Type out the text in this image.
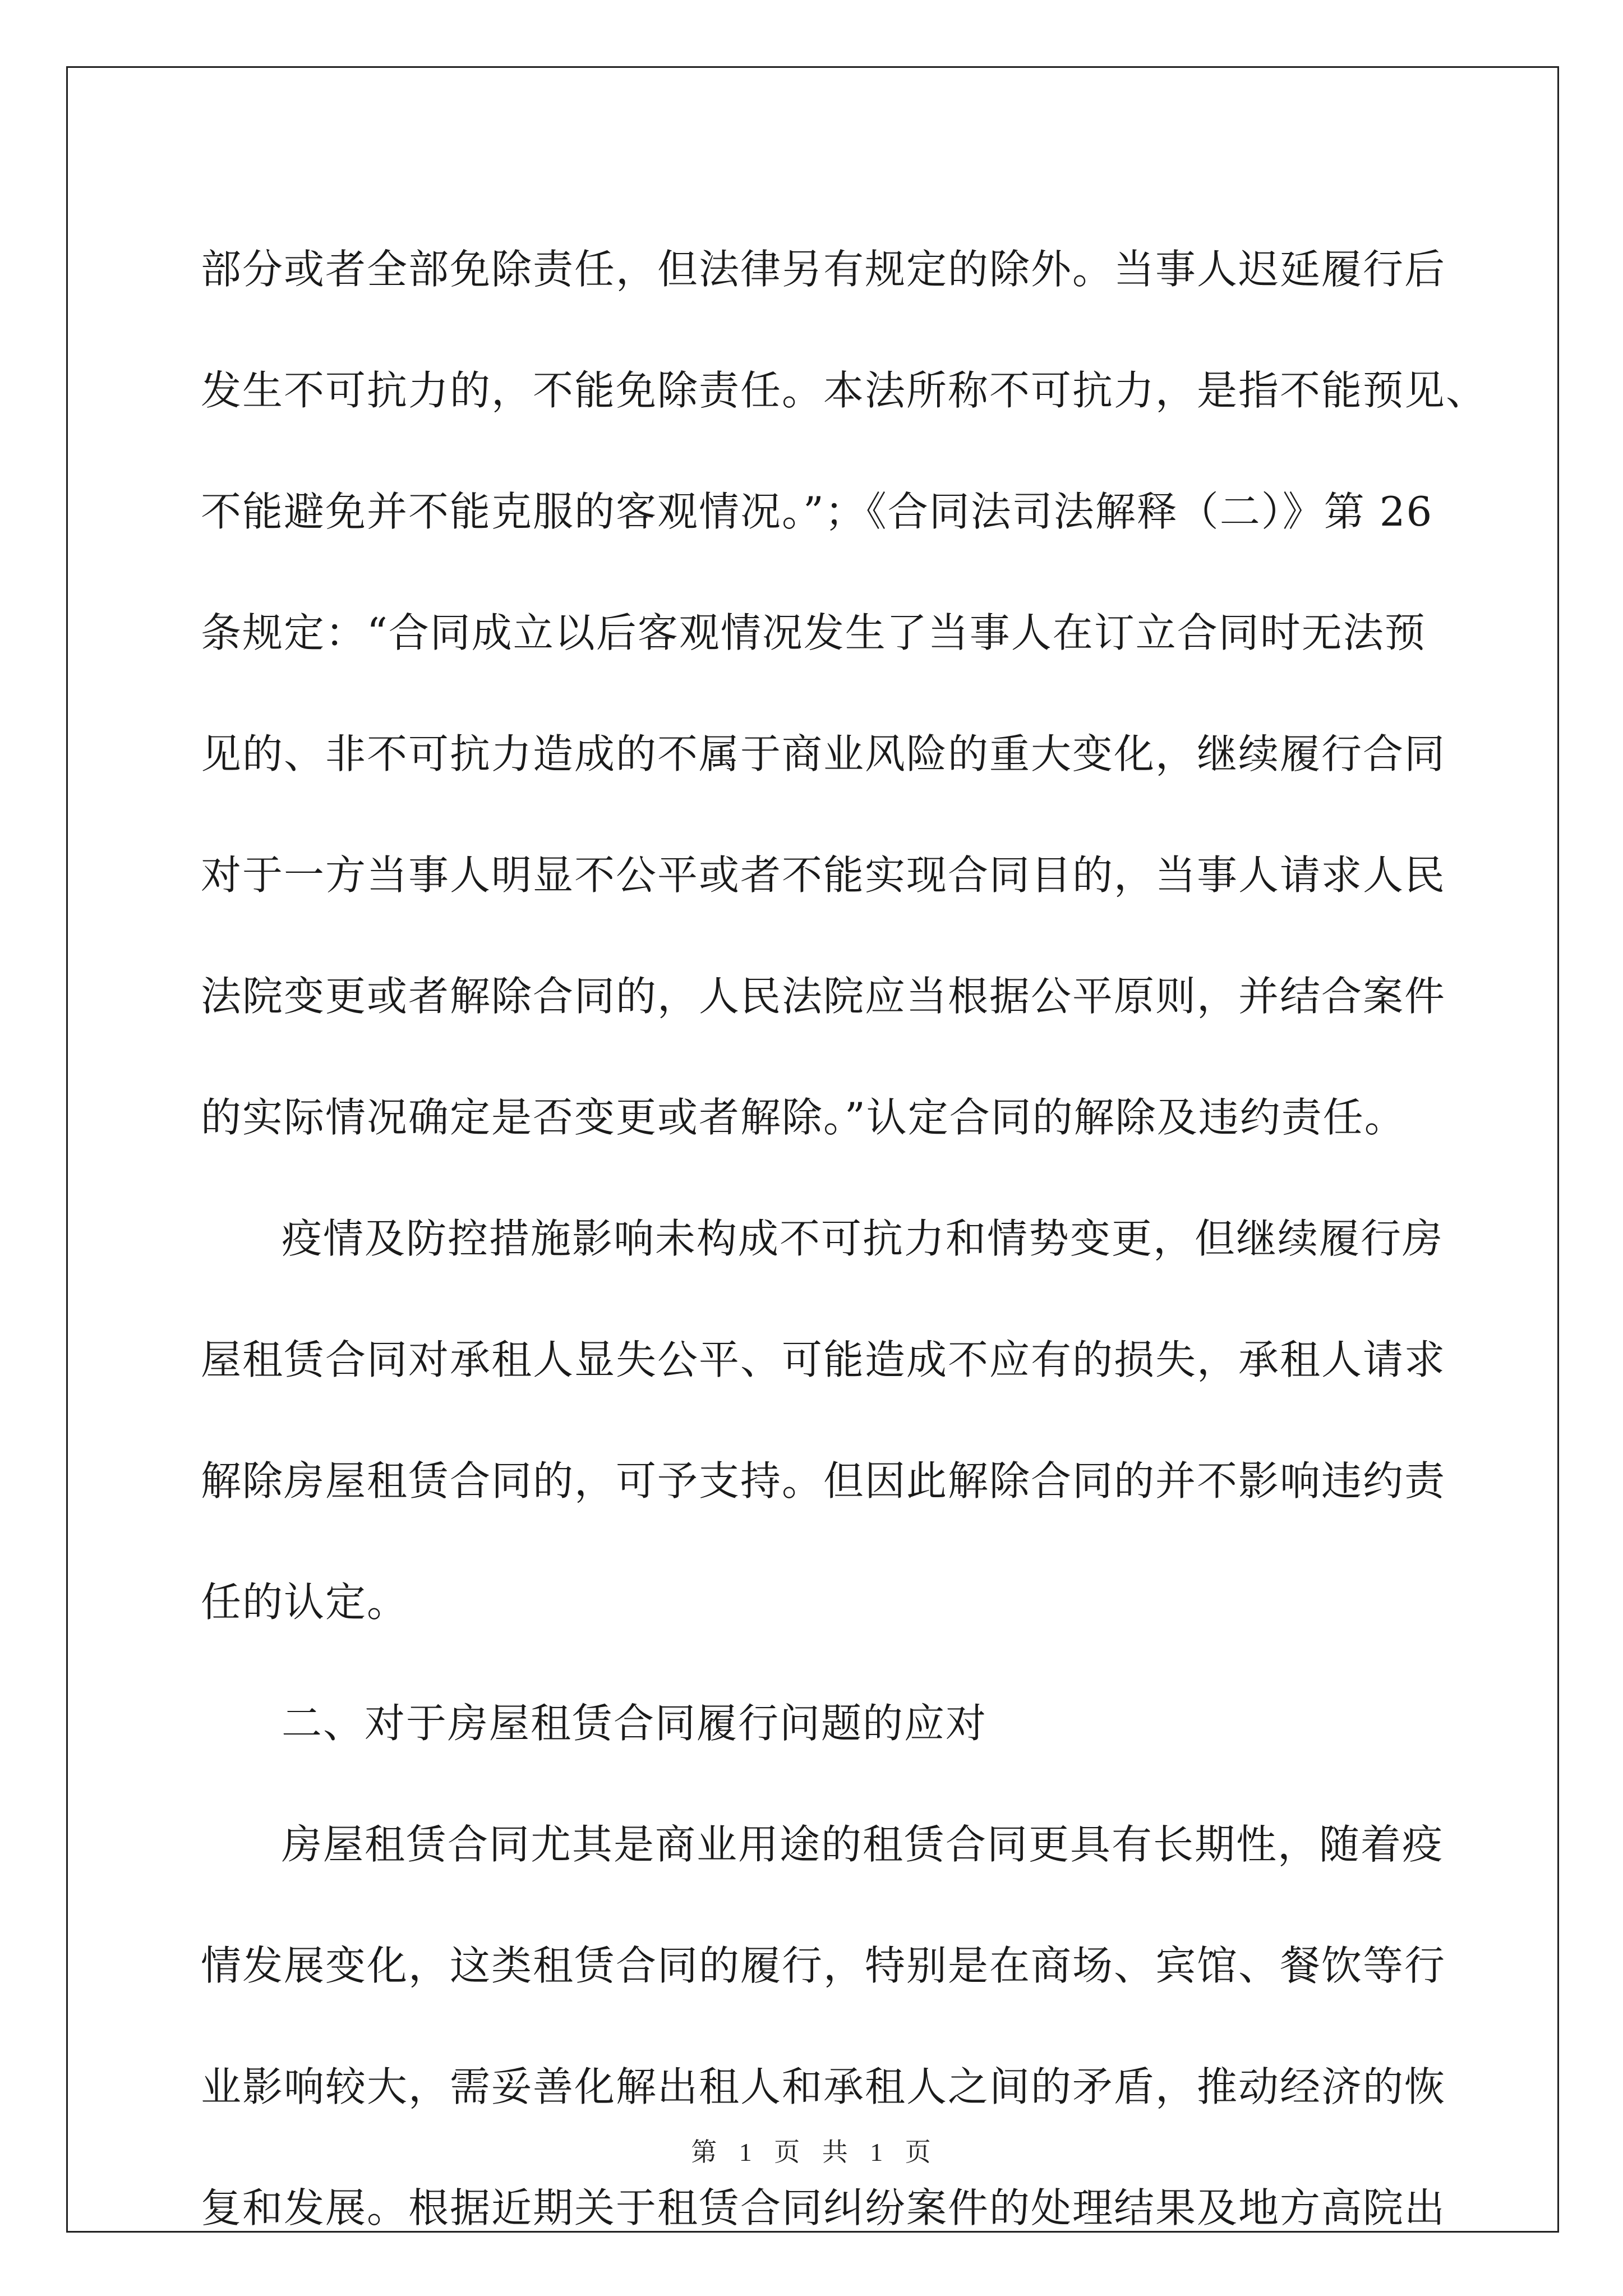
部分或者全部免除责任，但法律另有规定的除外。当事人迟延履行后
发生不可抗力的，不能免除责任。本法所称不可抗力，是指不能预见、
不能避免并不能克服的客观情况。”；《合同法司法解释（二）》第 26
条规定：“合同成立以后客观情况发生了当事人在订立合同时无法预
见的、非不可抗力造成的不属于商业风险的重大变化，继续履行合同
对于一方当事人明显不公平或者不能实现合同目的，当事人请求人民
法院变更或者解除合同的，人民法院应当根据公平原则，并结合案件
的实际情况确定是否变更或者解除。”认定合同的解除及违约责任。
疫情及防控措施影响未构成不可抗力和情势变更，但继续履行房
屋租赁合同对承租人显失公平、可能造成不应有的损失，承租人请求
解除房屋租赁合同的，可予支持。但因此解除合同的并不影响违约责
任的认定。
二、对于房屋租赁合同履行问题的应对
房屋租赁合同尤其是商业用途的租赁合同更具有长期性，随着疫
情发展变化，这类租赁合同的履行，特别是在商场、宾馆、餐饮等行
业影响较大，需妥善化解出租人和承租人之间的矛盾，推动经济的恢
复和发展。根据近期关于租赁合同纠纷案件的处理结果及地方高院出
第 1 页 共 1 页
